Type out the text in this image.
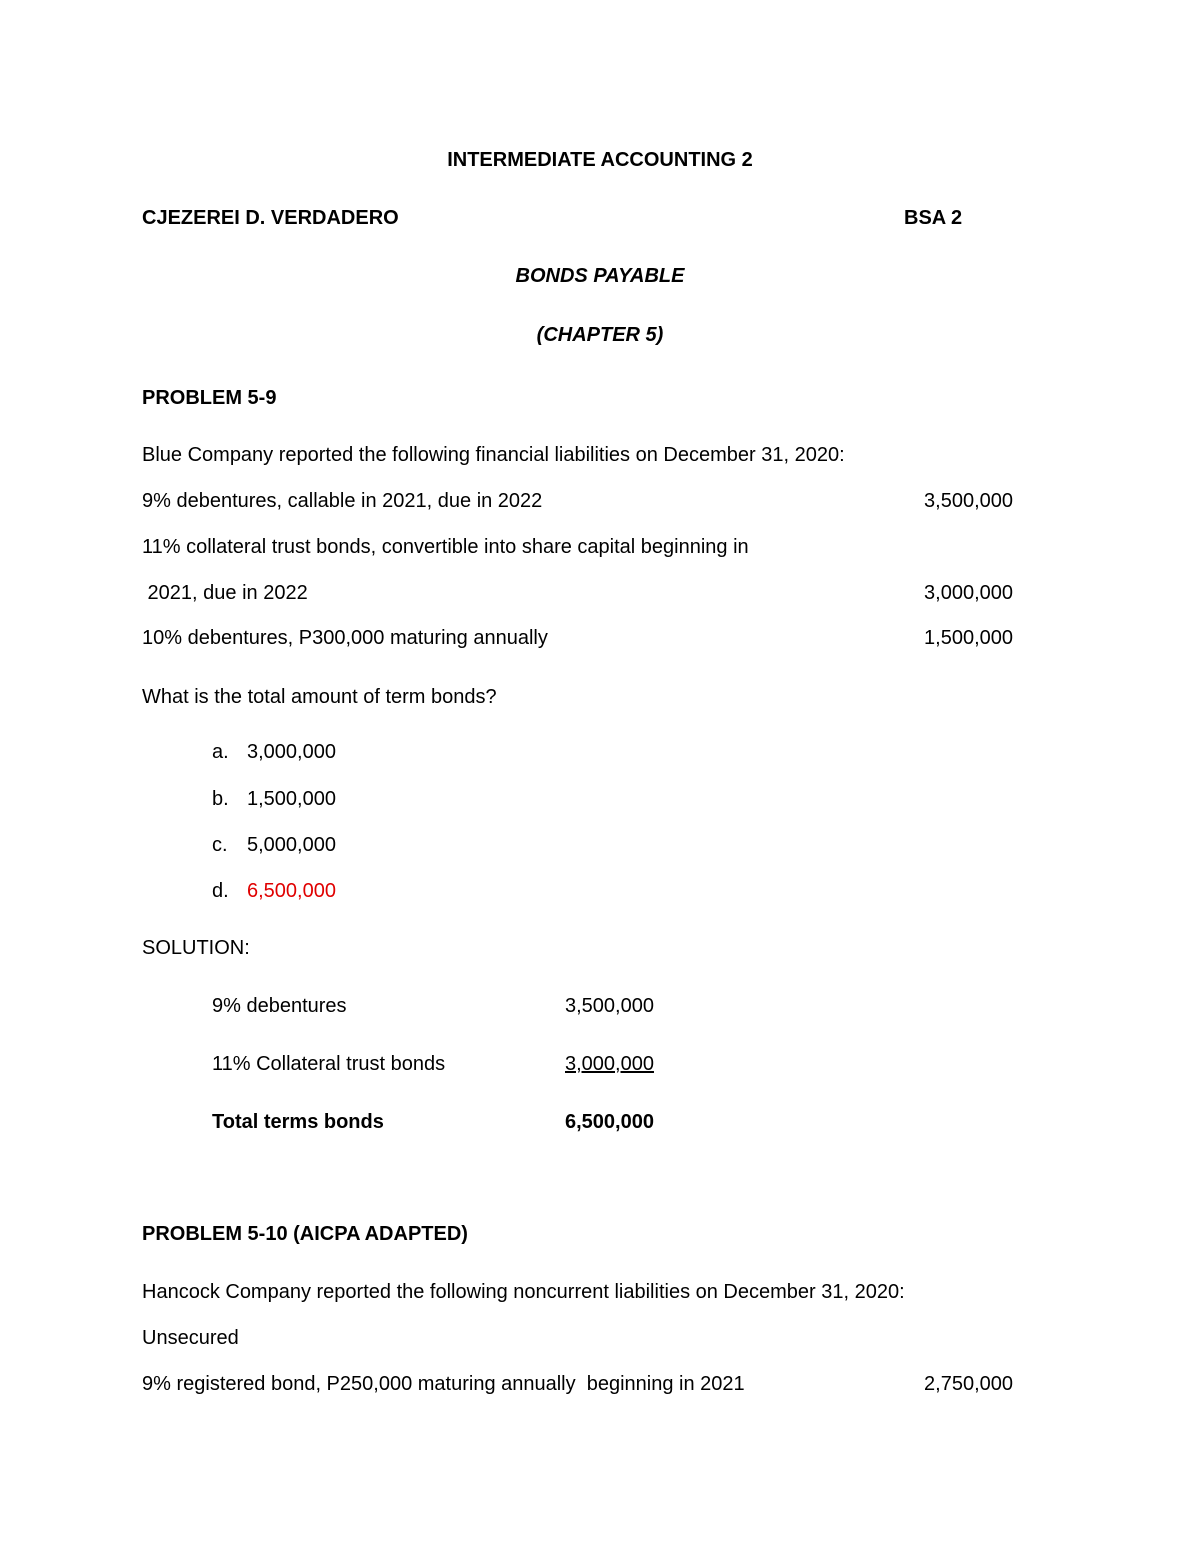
INTERMEDIATE ACCOUNTING 2
CJEZEREI D. VERDADERO	BSA 2
BONDS PAYABLE
(CHAPTER 5)
PROBLEM 5-9
Blue Company reported the following financial liabilities on December 31, 2020:
9% debentures, callable in 2021, due in 2022	3,500,000
11% collateral trust bonds, convertible into share capital beginning in
2021, due in 2022	3,000,000
10% debentures, P300,000 maturing annually	1,500,000
What is the total amount of term bonds?
a. 3,000,000
b. 1,500,000
c. 5,000,000
d. 6,500,000
SOLUTION:
9% debentures	3,500,000
11% Collateral trust bonds	3,000,000
Total terms bonds	6,500,000
PROBLEM 5-10 (AICPA ADAPTED)
Hancock Company reported the following noncurrent liabilities on December 31, 2020:
Unsecured
9% registered bond, P250,000 maturing annually  beginning in 2021	2,750,000
